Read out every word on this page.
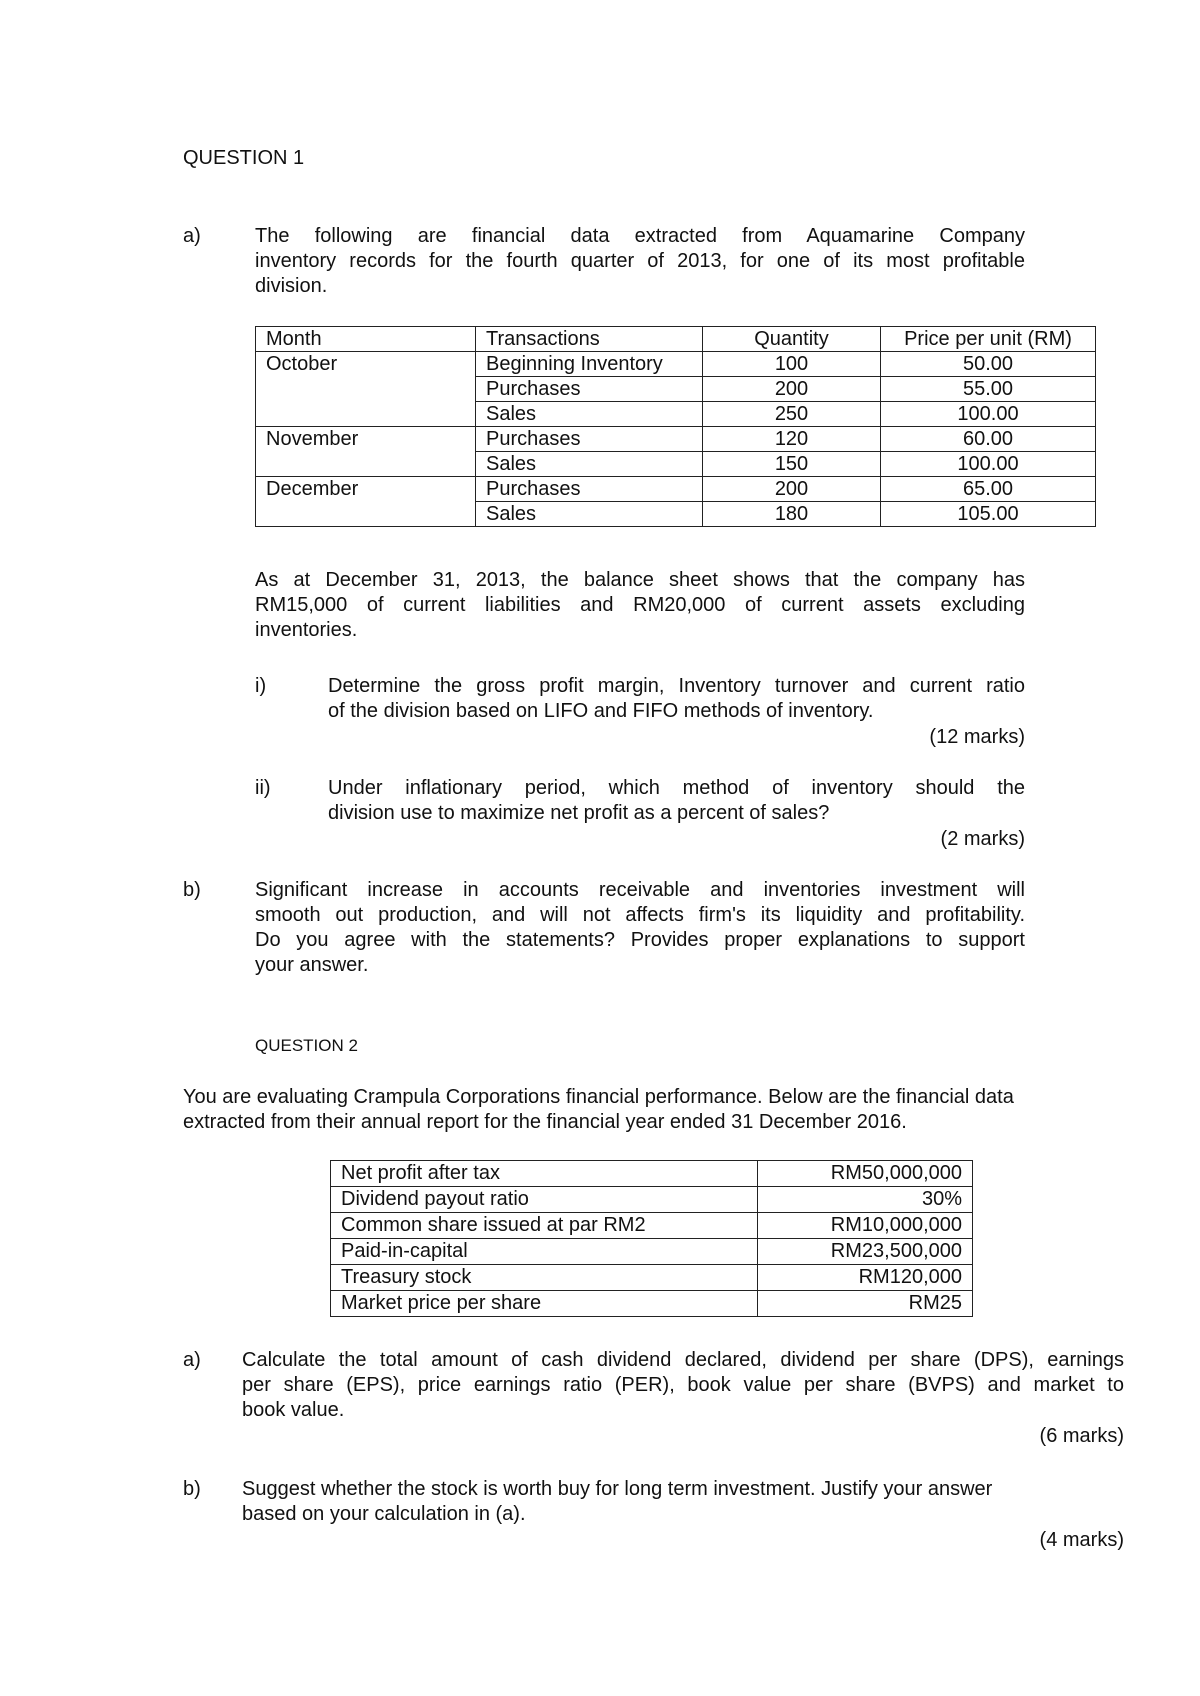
QUESTION 1
a)	The following are financial data extracted from Aquamarine Company
inventory records for the fourth quarter of 2013, for one of its most profitable
division.
Month	Transactions	Quantity	Price per unit (RM)
October	Beginning Inventory	100	50.00
	Purchases	200	55.00
	Sales	250	100.00
November	Purchases	120	60.00
	Sales	150	100.00
December	Purchases	200	65.00
	Sales	180	105.00
As at December 31, 2013, the balance sheet shows that the company has
RM15,000 of current liabilities and RM20,000 of current assets excluding
inventories.
i)	Determine the gross profit margin, Inventory turnover and current ratio
of the division based on LIFO and FIFO methods of inventory.
(12 marks)
ii)	Under inflationary period, which method of inventory should the
division use to maximize net profit as a percent of sales?
(2 marks)
b)	Significant increase in accounts receivable and inventories investment will
smooth out production, and will not affects firm's its liquidity and profitability.
Do you agree with the statements? Provides proper explanations to support
your answer.
QUESTION 2
You are evaluating Crampula Corporations financial performance. Below are the financial data
extracted from their annual report for the financial year ended 31 December 2016.
Net profit after tax	RM50,000,000
Dividend payout ratio	30%
Common share issued at par RM2	RM10,000,000
Paid-in-capital	RM23,500,000
Treasury stock	RM120,000
Market price per share	RM25
a) Calculate the total amount of cash dividend declared, dividend per share (DPS), earnings
per share (EPS), price earnings ratio (PER), book value per share (BVPS) and market to
book value.
(6 marks)
b) Suggest whether the stock is worth buy for long term investment. Justify your answer
based on your calculation in (a).
(4 marks)
